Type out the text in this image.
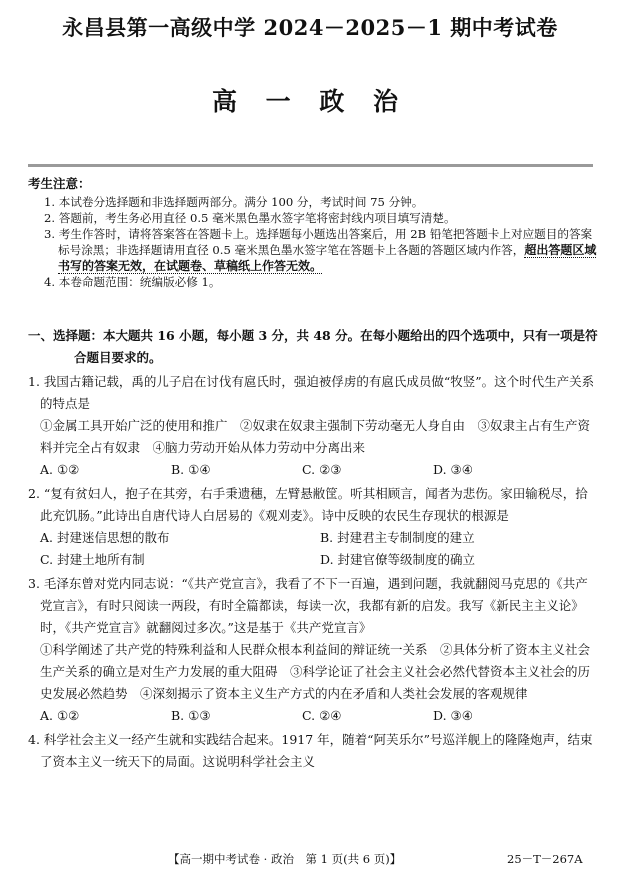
永昌县第一高级中学 2024－2025－1 期中考试卷
高 一 政 治
考生注意：
1. 本试卷分选择题和非选择题两部分。满分 100 分，考试时间 75 分钟。
2. 答题前，考生务必用直径 0.5 毫米黑色墨水签字笔将密封线内项目填写清楚。
3. 考生作答时，请将答案答在答题卡上。选择题每小题选出答案后，用 2B 铅笔把答题卡上对应题目的答案标号涂黑；非选择题请用直径 0.5 毫米黑色墨水签字笔在答题卡上各题的答题区域内作答，超出答题区域书写的答案无效，在试题卷、草稿纸上作答无效。
4. 本卷命题范围：统编版必修 1。
一、选择题：本大题共 16 小题，每小题 3 分，共 48 分。在每小题给出的四个选项中，只有一项是符合题目要求的。
1. 我国古籍记载，禹的儿子启在讨伐有扈氏时，强迫被俘虏的有扈氏成员做“牧竖”。这个时代生产关系的特点是
①金属工具开始广泛的使用和推广　②奴隶在奴隶主强制下劳动毫无人身自由　③奴隶主占有生产资料并完全占有奴隶　④脑力劳动开始从体力劳动中分离出来
A. ①②	B. ①④	C. ②③	D. ③④
2. “复有贫妇人，抱子在其旁，右手秉遗穗，左臂悬敝筐。听其相顾言，闻者为悲伤。家田输税尽，拾此充饥肠。”此诗出自唐代诗人白居易的《观刈麦》。诗中反映的农民生存现状的根源是
A. 封建迷信思想的散布	B. 封建君主专制制度的建立
C. 封建土地所有制	D. 封建官僚等级制度的确立
3. 毛泽东曾对党内同志说：“《共产党宣言》，我看了不下一百遍，遇到问题，我就翻阅马克思的《共产党宣言》，有时只阅读一两段，有时全篇都读，每读一次，我都有新的启发。我写《新民主主义论》时，《共产党宣言》就翻阅过多次。”这是基于《共产党宣言》
①科学阐述了共产党的特殊利益和人民群众根本利益间的辩证统一关系　②具体分析了资本主义社会生产关系的确立是对生产力发展的重大阻碍　③科学论证了社会主义社会必然代替资本主义社会的历史发展必然趋势　④深刻揭示了资本主义生产方式的内在矛盾和人类社会发展的客观规律
A. ①②	B. ①③	C. ②④	D. ③④
4. 科学社会主义一经产生就和实践结合起来。1917 年，随着“阿芙乐尔”号巡洋舰上的隆隆炮声，结束了资本主义一统天下的局面。这说明科学社会主义
【高一期中考试卷 · 政治　第 1 页(共 6 页)】	25－T－267A
